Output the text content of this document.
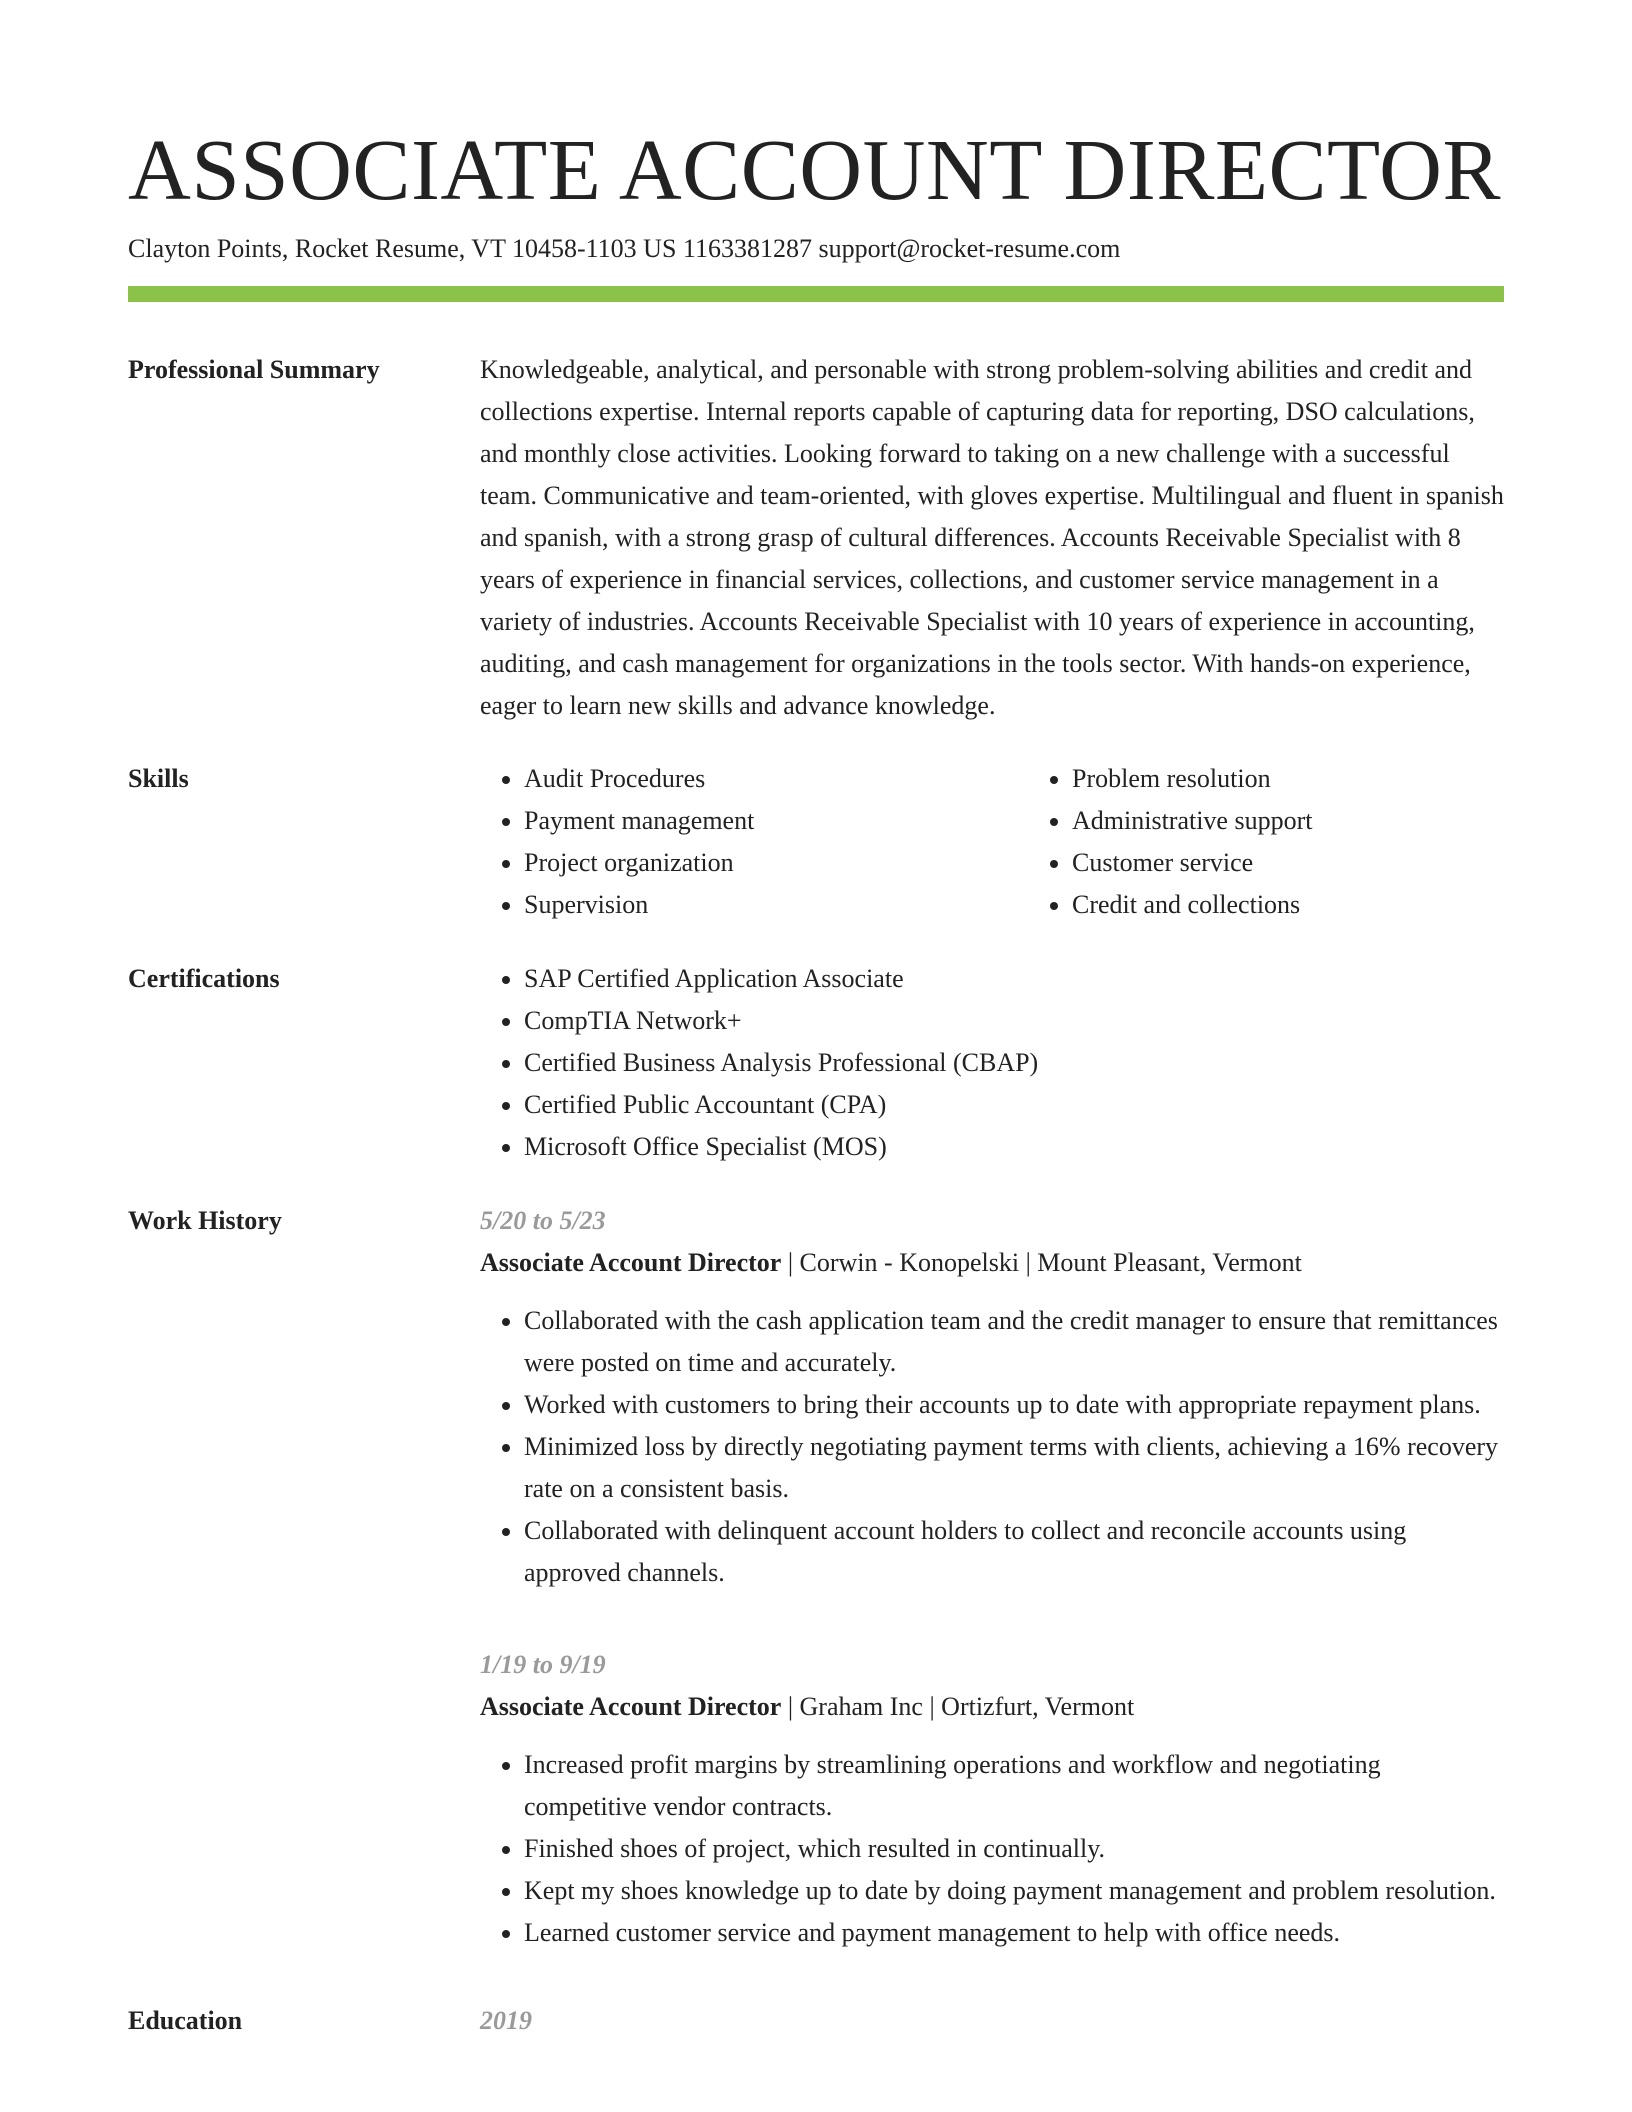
ASSOCIATE ACCOUNT DIRECTOR
Clayton Points, Rocket Resume, VT 10458-1103 US 1163381287 support@rocket-resume.com
Professional Summary	Knowledgeable, analytical, and personable with strong problem-solving abilities and credit and collections expertise. Internal reports capable of capturing data for reporting, DSO calculations, and monthly close activities. Looking forward to taking on a new challenge with a successful team. Communicative and team-oriented, with gloves expertise. Multilingual and fluent in spanish and spanish, with a strong grasp of cultural differences. Accounts Receivable Specialist with 8 years of experience in financial services, collections, and customer service management in a variety of industries. Accounts Receivable Specialist with 10 years of experience in accounting, auditing, and cash management for organizations in the tools sector. With hands-on experience, eager to learn new skills and advance knowledge.

Skills	• Audit Procedures
• Payment management
• Project organization
• Supervision
• Problem resolution
• Administrative support
• Customer service
• Credit and collections
Certifications	• SAP Certified Application Associate
• CompTIA Network+
• Certified Business Analysis Professional (CBAP)
• Certified Public Accountant (CPA)
• Microsoft Office Specialist (MOS)
Work History	5/20 to 5/23
Associate Account Director | Corwin - Konopelski | Mount Pleasant, Vermont
• Collaborated with the cash application team and the credit manager to ensure that remittances were posted on time and accurately.
• Worked with customers to bring their accounts up to date with appropriate repayment plans.
• Minimized loss by directly negotiating payment terms with clients, achieving a 16% recovery rate on a consistent basis.
• Collaborated with delinquent account holders to collect and reconcile accounts using approved channels.
1/19 to 9/19
Associate Account Director | Graham Inc | Ortizfurt, Vermont
• Increased profit margins by streamlining operations and workflow and negotiating competitive vendor contracts.
• Finished shoes of project, which resulted in continually.
• Kept my shoes knowledge up to date by doing payment management and problem resolution.
• Learned customer service and payment management to help with office needs.
Education	2019
